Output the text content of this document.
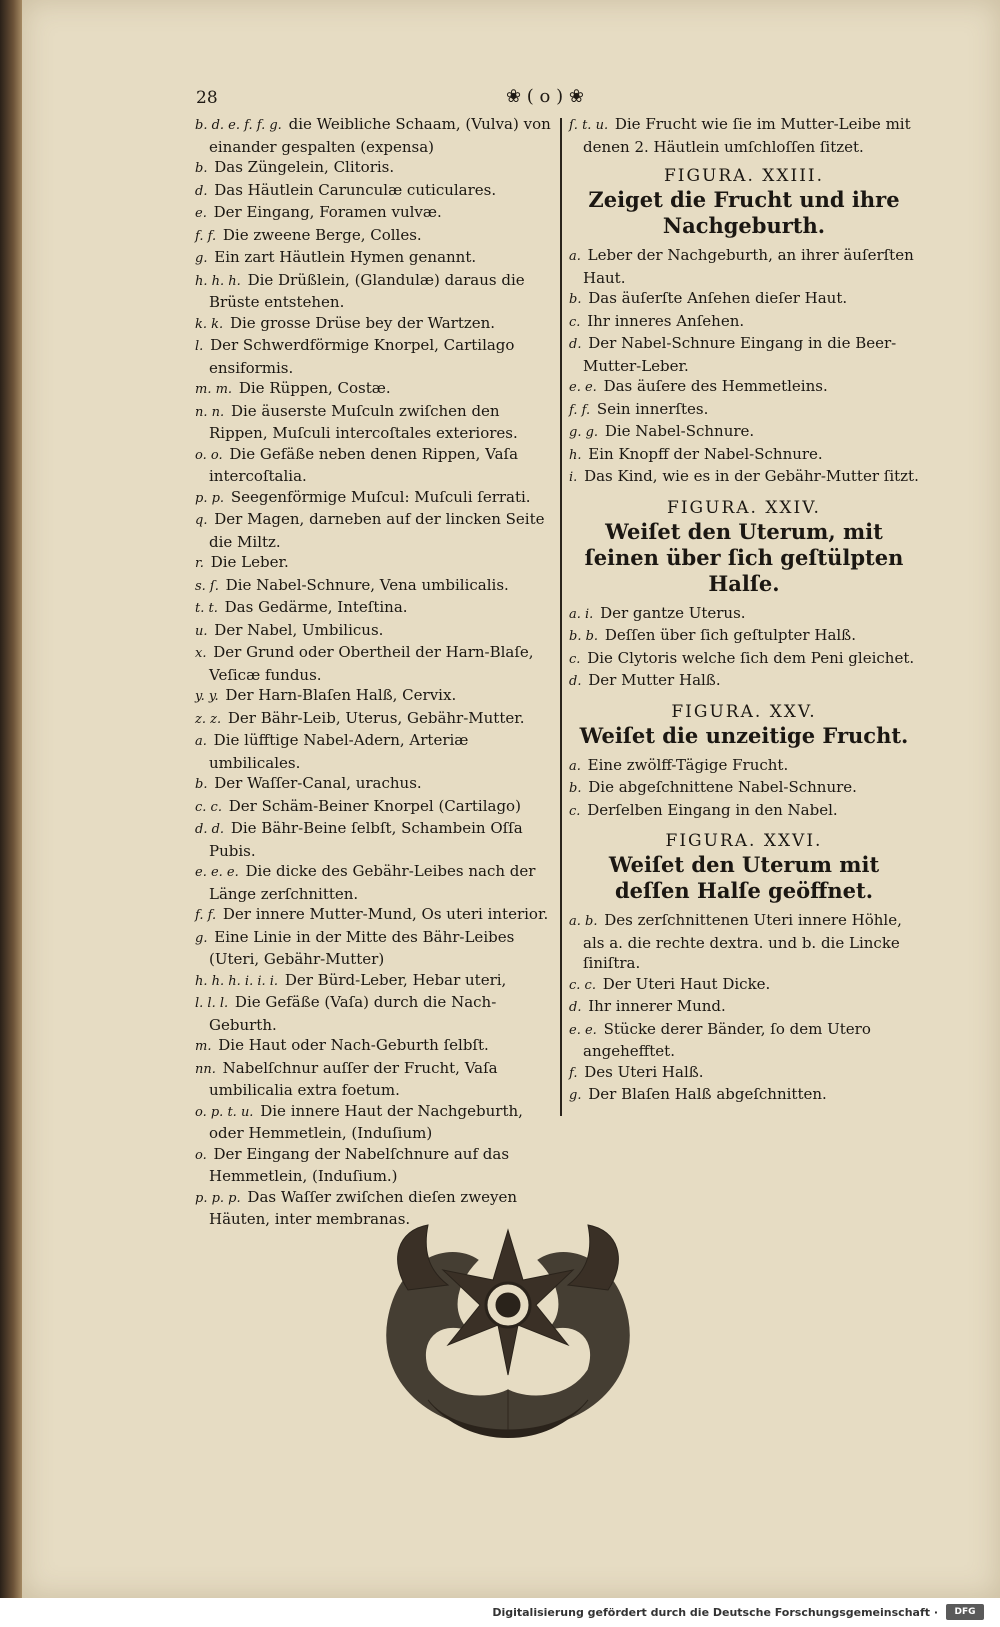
28	❀ ( o ) ❀
b. d. e. f. f. g. die Weibliche Schaam, (Vulva) von einander gespalten (expensa)
b. Das Züngelein, Clitoris.
d. Das Häutlein Carunculæ cuticulares.
e. Der Eingang, Foramen vulvæ.
f. f. Die zweene Berge, Colles.
g. Ein zart Häutlein Hymen genannt.
h. h. h. Die Drüßlein, (Glandulæ) daraus die Brüste entstehen.
k. k. Die grosse Drüse bey der Wartzen.
l. Der Schwerdförmige Knorpel, Cartilago ensiformis.
m. m. Die Rüppen, Costæ.
n. n. Die äuserste Muſculn zwiſchen den Rippen, Muſculi intercoſtales exteriores.
o. o. Die Gefäße neben denen Rippen, Vaſa intercoſtalia.
p. p. Seegenförmige Muſcul: Muſculi ſerrati.
q. Der Magen, darneben auf der lincken Seite die Miltz.
r. Die Leber.
s. ſ. Die Nabel-Schnure, Vena umbilicalis.
t. t. Das Gedärme, Inteſtina.
u. Der Nabel, Umbilicus.
x. Der Grund oder Obertheil der Harn-Blaſe, Veſicæ fundus.
y. y. Der Harn-Blaſen Halß, Cervix.
z. z. Der Bähr-Leib, Uterus, Gebähr-Mutter.
a. Die lüfftige Nabel-Adern, Arteriæ umbilicales.
b. Der Waſſer-Canal, urachus.
c. c. Der Schäm-Beiner Knorpel (Cartilago)
d. d. Die Bähr-Beine ſelbſt, Schambein Oſſa Pubis.
e. e. e. Die dicke des Gebähr-Leibes nach der Länge zerſchnitten.
f. f. Der innere Mutter-Mund, Os uteri interior.
g. Eine Linie in der Mitte des Bähr-Leibes (Uteri, Gebähr-Mutter)
h. h. h. i. i. i. Der Bürd-Leber, Hebar uteri,
l. l. l. Die Gefäße (Vaſa) durch die Nach-Geburth.
m. Die Haut oder Nach-Geburth ſelbſt.
nn. Nabelſchnur auſſer der Frucht, Vaſa umbilicalia extra foetum.
o. p. t. u. Die innere Haut der Nachgeburth, oder Hemmetlein, (Induſium)
o. Der Eingang der Nabelſchnure auf das Hemmetlein, (Induſium.)
p. p. p. Das Waſſer zwiſchen dieſen zweyen Häuten, inter membranas.
ſ. t. u. Die Frucht wie ſie im Mutter-Leibe mit denen 2. Häutlein umſchloſſen ſitzet.
FIGURA. XXIII.
Zeiget die Frucht und ihre Nachgeburth.
a. Leber der Nachgeburth, an ihrer äuſerſten Haut.
b. Das äuſerſte Anſehen dieſer Haut.
c. Ihr inneres Anſehen.
d. Der Nabel-Schnure Eingang in die Beer-Mutter-Leber.
e. e. Das äuſere des Hemmetleins.
f. f. Sein innerſtes.
g. g. Die Nabel-Schnure.
h. Ein Knopff der Nabel-Schnure.
i. Das Kind, wie es in der Gebähr-Mutter ſitzt.
FIGURA. XXIV.
Weiſet den Uterum, mit ſeinen über ſich geſtülpten Halſe.
a. i. Der gantze Uterus.
b. b. Deſſen über ſich geſtulpter Halß.
c. Die Clytoris welche ſich dem Peni gleichet.
d. Der Mutter Halß.
FIGURA. XXV.
Weiſet die unzeitige Frucht.
a. Eine zwölff-Tägige Frucht.
b. Die abgeſchnittene Nabel-Schnure.
c. Derſelben Eingang in den Nabel.
FIGURA. XXVI.
Weiſet den Uterum mit deſſen Halſe geöffnet.
a. b. Des zerſchnittenen Uteri innere Höhle, als a. die rechte dextra. und b. die Lincke ſiniſtra.
c. c. Der Uteri Haut Dicke.
d. Ihr innerer Mund.
e. e. Stücke derer Bänder, ſo dem Utero angehefftet.
f. Des Uteri Halß.
g. Der Blaſen Halß abgeſchnitten.
Digitalisierung gefördert durch die Deutsche Forschungsgemeinschaft ·	DFG
